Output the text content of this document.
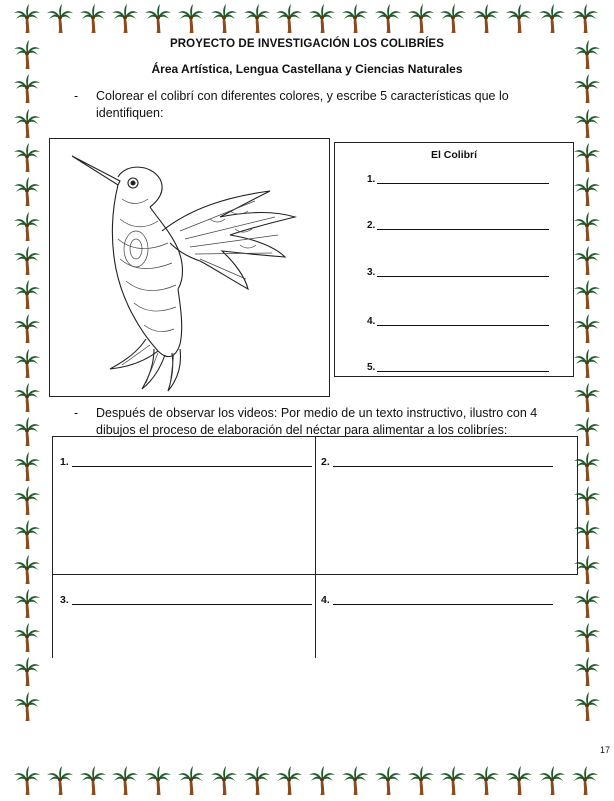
PROYECTO DE INVESTIGACIÓN LOS COLIBRÍES
Área Artística, Lengua Castellana y Ciencias Naturales
- Colorear el colibrí con diferentes colores, y escribe 5 características que lo
identifiquen:
El Colibrí
1.
2.
3.
4.
5.
- Después de observar los videos: Por medio de un texto instructivo, ilustro con 4
dibujos el proceso de elaboración del néctar para alimentar a los colibríes:
1.	2.
3.	4.
17
